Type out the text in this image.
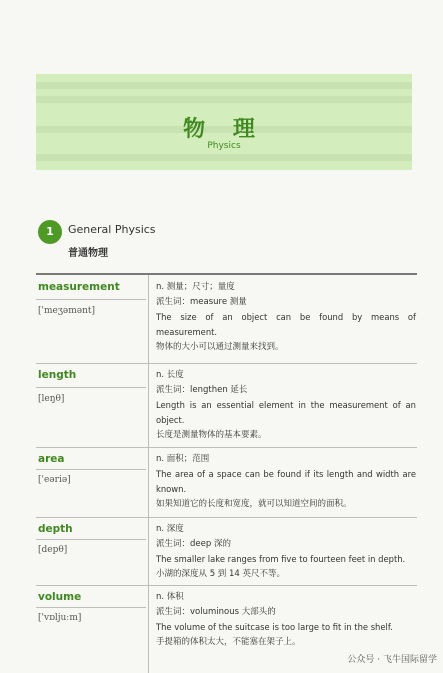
物 理
Physics
1	General Physics
普通物理
measurement
['meʒəmənt]

n. 测量；尺寸；量度

派生词：measure 测量

The size of an object can be found by means of measurement.

物体的大小可以通过测量来找到。

length
[leŋθ]

n. 长度

派生词：lengthen 延长

Length is an essential element in the measurement of an object.

长度是测量物体的基本要素。

area
['eəriə]

n. 面积；范围

The area of a space can be found if its length and width are known.

如果知道它的长度和宽度，就可以知道空间的面积。

depth
[depθ]

n. 深度

派生词：deep 深的

The smaller lake ranges from five to fourteen feet in depth.

小湖的深度从 5 到 14 英尺不等。

volume
['vɒljuːm]

n. 体积

派生词：voluminous 大部头的

The volume of the suitcase is too large to fit in the shelf.

手提箱的体积太大，不能塞在架子上。

公众号 · 飞牛国际留学
